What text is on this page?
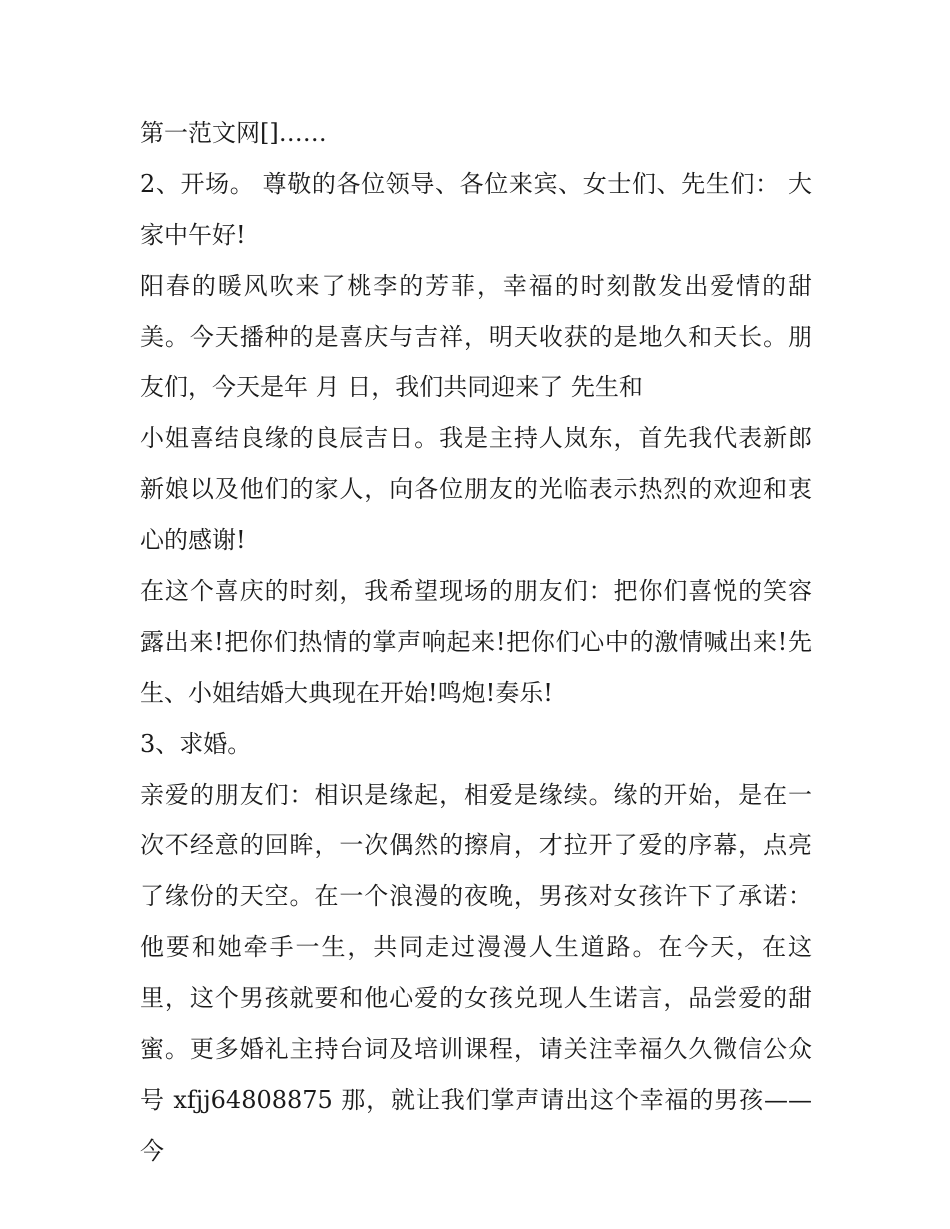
第一范文网[]……
2、开场。 尊敬的各位领导、各位来宾、女士们、先生们： 大
家中午好!
阳春的暖风吹来了桃李的芳菲，幸福的时刻散发出爱情的甜
美。今天播种的是喜庆与吉祥，明天收获的是地久和天长。朋
友们，今天是年 月 日，我们共同迎来了 先生和
小姐喜结良缘的良辰吉日。我是主持人岚东，首先我代表新郎
新娘以及他们的家人，向各位朋友的光临表示热烈的欢迎和衷
心的感谢!
在这个喜庆的时刻，我希望现场的朋友们：把你们喜悦的笑容
露出来!把你们热情的掌声响起来!把你们心中的激情喊出来!先
生、小姐结婚大典现在开始!鸣炮!奏乐!
3、求婚。
亲爱的朋友们：相识是缘起，相爱是缘续。缘的开始，是在一
次不经意的回眸，一次偶然的擦肩，才拉开了爱的序幕，点亮
了缘份的天空。在一个浪漫的夜晚，男孩对女孩许下了承诺：
他要和她牵手一生，共同走过漫漫人生道路。在今天，在这
里，这个男孩就要和他心爱的女孩兑现人生诺言，品尝爱的甜
蜜。更多婚礼主持台词及培训课程，请关注幸福久久微信公众
号 xfjj64808875 那，就让我们掌声请出这个幸福的男孩——今
